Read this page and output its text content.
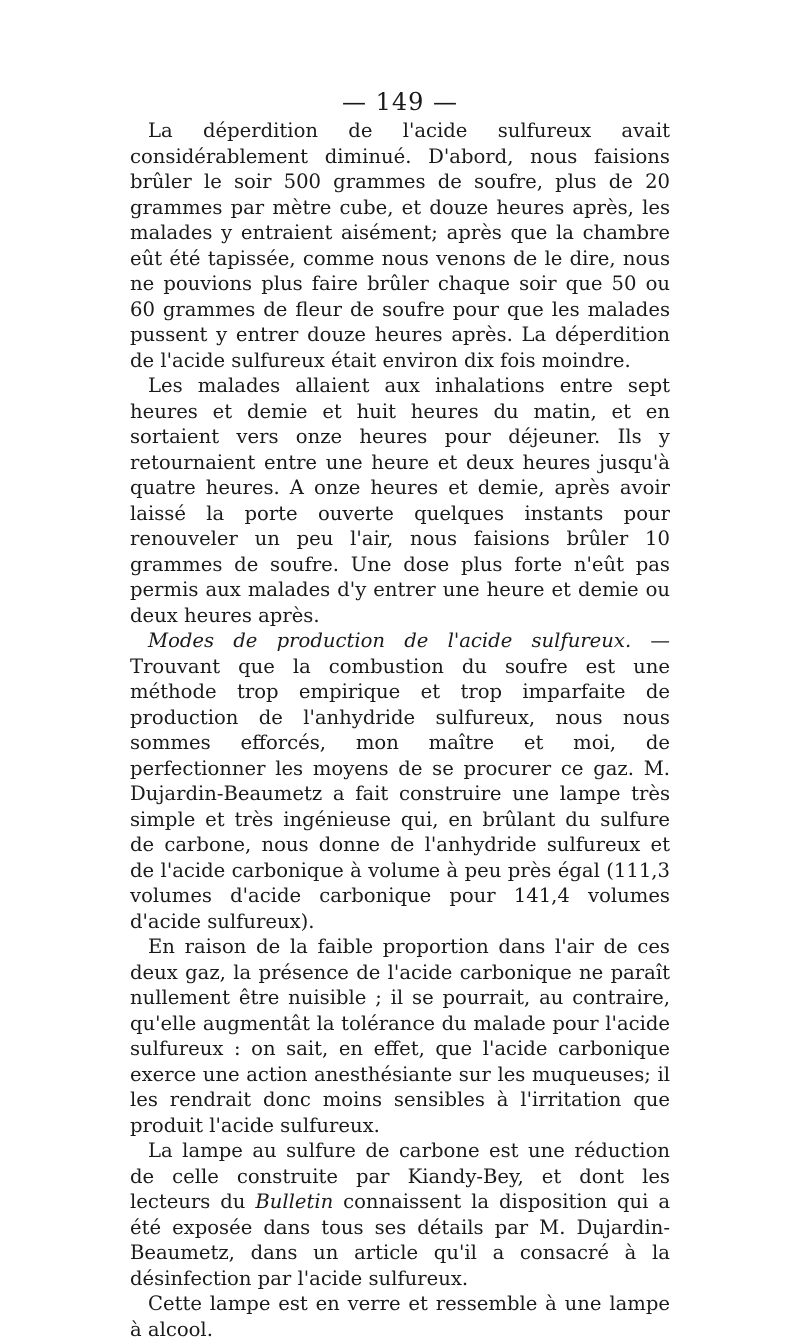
— 149 —

La déperdition de l'acide sulfureux avait considérablement diminué. D'abord, nous faisions brûler le soir 500 grammes de soufre, plus de 20 grammes par mètre cube, et douze heures après, les malades y entraient aisément; après que la chambre eût été tapissée, comme nous venons de le dire, nous ne pouvions plus faire brûler chaque soir que 50 ou 60 grammes de fleur de soufre pour que les malades pussent y entrer douze heures après. La déperdition de l'acide sulfureux était environ dix fois moindre.

Les malades allaient aux inhalations entre sept heures et demie et huit heures du matin, et en sortaient vers onze heures pour déjeuner. Ils y retournaient entre une heure et deux heures jusqu'à quatre heures. A onze heures et demie, après avoir laissé la porte ouverte quelques instants pour renouveler un peu l'air, nous faisions brûler 10 grammes de soufre. Une dose plus forte n'eût pas permis aux malades d'y entrer une heure et demie ou deux heures après.

Modes de production de l'acide sulfureux. — Trouvant que la combustion du soufre est une méthode trop empirique et trop imparfaite de production de l'anhydride sulfureux, nous nous sommes efforcés, mon maître et moi, de perfectionner les moyens de se procurer ce gaz. M. Dujardin-Beaumetz a fait construire une lampe très simple et très ingénieuse qui, en brûlant du sulfure de carbone, nous donne de l'anhydride sulfureux et de l'acide carbonique à volume à peu près égal (111,3 volumes d'acide carbonique pour 141,4 volumes d'acide sulfureux).

En raison de la faible proportion dans l'air de ces deux gaz, la présence de l'acide carbonique ne paraît nullement être nuisible ; il se pourrait, au contraire, qu'elle augmentât la tolérance du malade pour l'acide sulfureux : on sait, en effet, que l'acide carbonique exerce une action anesthésiante sur les muqueuses; il les rendrait donc moins sensibles à l'irritation que produit l'acide sulfureux.

La lampe au sulfure de carbone est une réduction de celle construite par Kiandy-Bey, et dont les lecteurs du Bulletin connaissent la disposition qui a été exposée dans tous ses détails par M. Dujardin-Beaumetz, dans un article qu'il a consacré à la désinfection par l'acide sulfureux.

Cette lampe est en verre et ressemble à une lampe à alcool.
